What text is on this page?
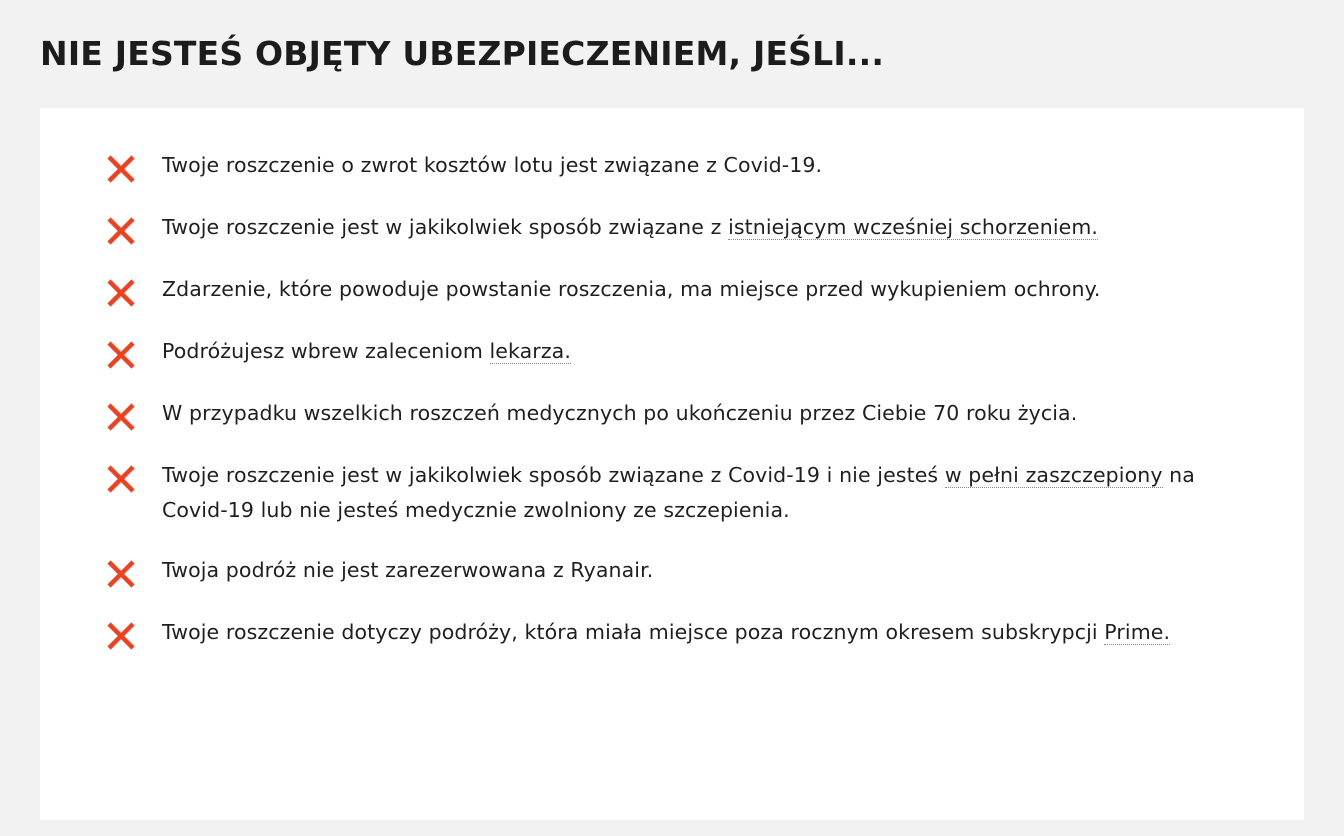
NIE JESTEŚ OBJĘTY UBEZPIECZENIEM, JEŚLI...
Twoje roszczenie o zwrot kosztów lotu jest związane z Covid-19.
Twoje roszczenie jest w jakikolwiek sposób związane z istniejącym wcześniej schorzeniem.
Zdarzenie, które powoduje powstanie roszczenia, ma miejsce przed wykupieniem ochrony.
Podróżujesz wbrew zaleceniom lekarza.
W przypadku wszelkich roszczeń medycznych po ukończeniu przez Ciebie 70 roku życia.
Twoje roszczenie jest w jakikolwiek sposób związane z Covid-19 i nie jesteś w pełni zaszczepiony na Covid-19 lub nie jesteś medycznie zwolniony ze szczepienia.
Twoja podróż nie jest zarezerwowana z Ryanair.
Twoje roszczenie dotyczy podróży, która miała miejsce poza rocznym okresem subskrypcji Prime.
